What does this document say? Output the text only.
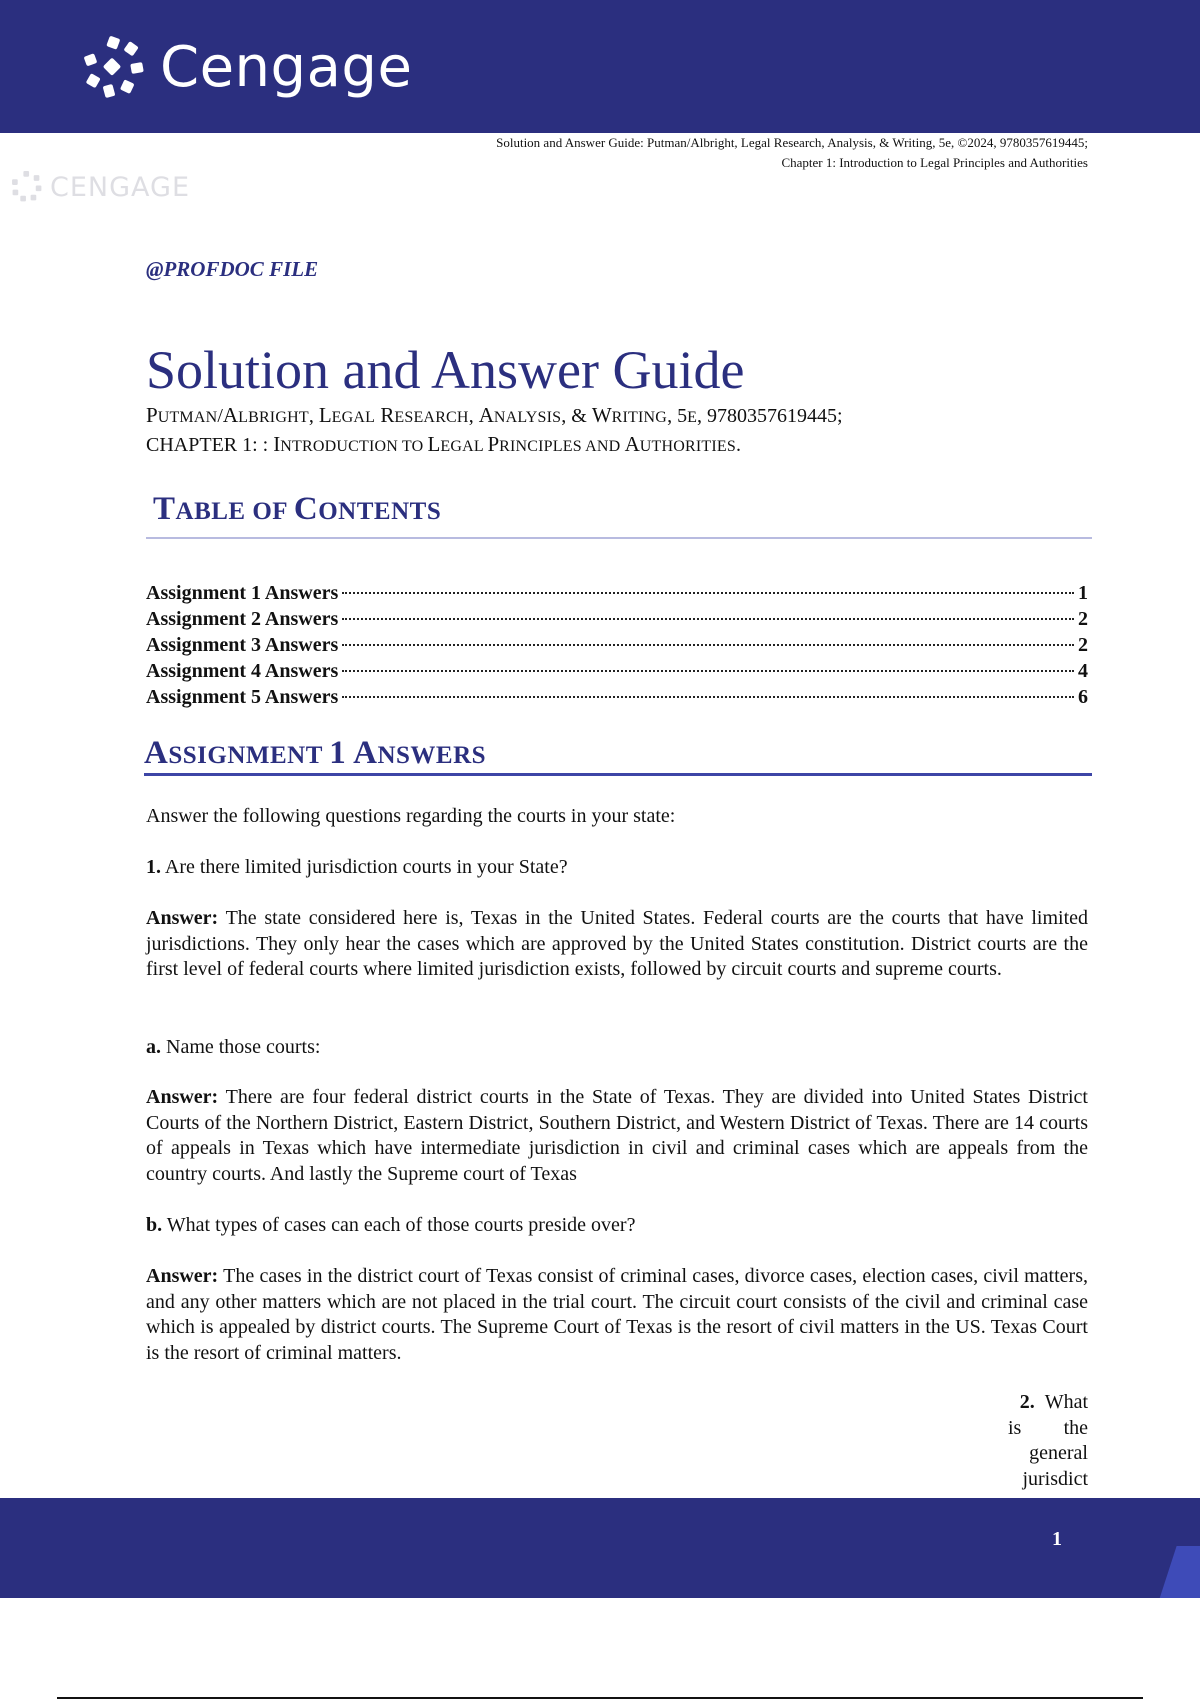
Cengage
Solution and Answer Guide: Putman/Albright, Legal Research, Analysis, & Writing, 5e, ©2024, 9780357619445;
Chapter 1: Introduction to Legal Principles and Authorities
CENGAGE
@PROFDOC FILE
Solution and Answer Guide
PUTMAN/ALBRIGHT, LEGAL RESEARCH, ANALYSIS, & WRITING, 5E, 9780357619445;
CHAPTER 1: : INTRODUCTION TO LEGAL PRINCIPLES AND AUTHORITIES.
TABLE OF CONTENTS
Assignment 1 Answers	1
Assignment 2 Answers	2
Assignment 3 Answers	2
Assignment 4 Answers	4
Assignment 5 Answers	6
ASSIGNMENT 1 ANSWERS
Answer the following questions regarding the courts in your state:
1. Are there limited jurisdiction courts in your State?
Answer: The state considered here is, Texas in the United States. Federal courts are the courts that have limited jurisdictions. They only hear the cases which are approved by the United States constitution. District courts are the first level of federal courts where limited jurisdiction exists, followed by circuit courts and supreme courts.
a. Name those courts:
Answer: There are four federal district courts in the State of Texas. They are divided into United States District Courts of the Northern District, Eastern District, Southern District, and Western District of Texas. There are 14 courts of appeals in Texas which have intermediate jurisdiction in civil and criminal cases which are appeals from the country courts. And lastly the Supreme court of Texas
b. What types of cases can each of those courts preside over?
Answer: The cases in the district court of Texas consist of criminal cases, divorce cases, election cases, civil matters, and any other matters which are not placed in the trial court. The circuit court consists of the civil and criminal case which is appealed by district courts. The Supreme Court of Texas is the resort of civil matters in the US. Texas Court is the resort of criminal matters.
2. What
is the
general
jurisdict
1
